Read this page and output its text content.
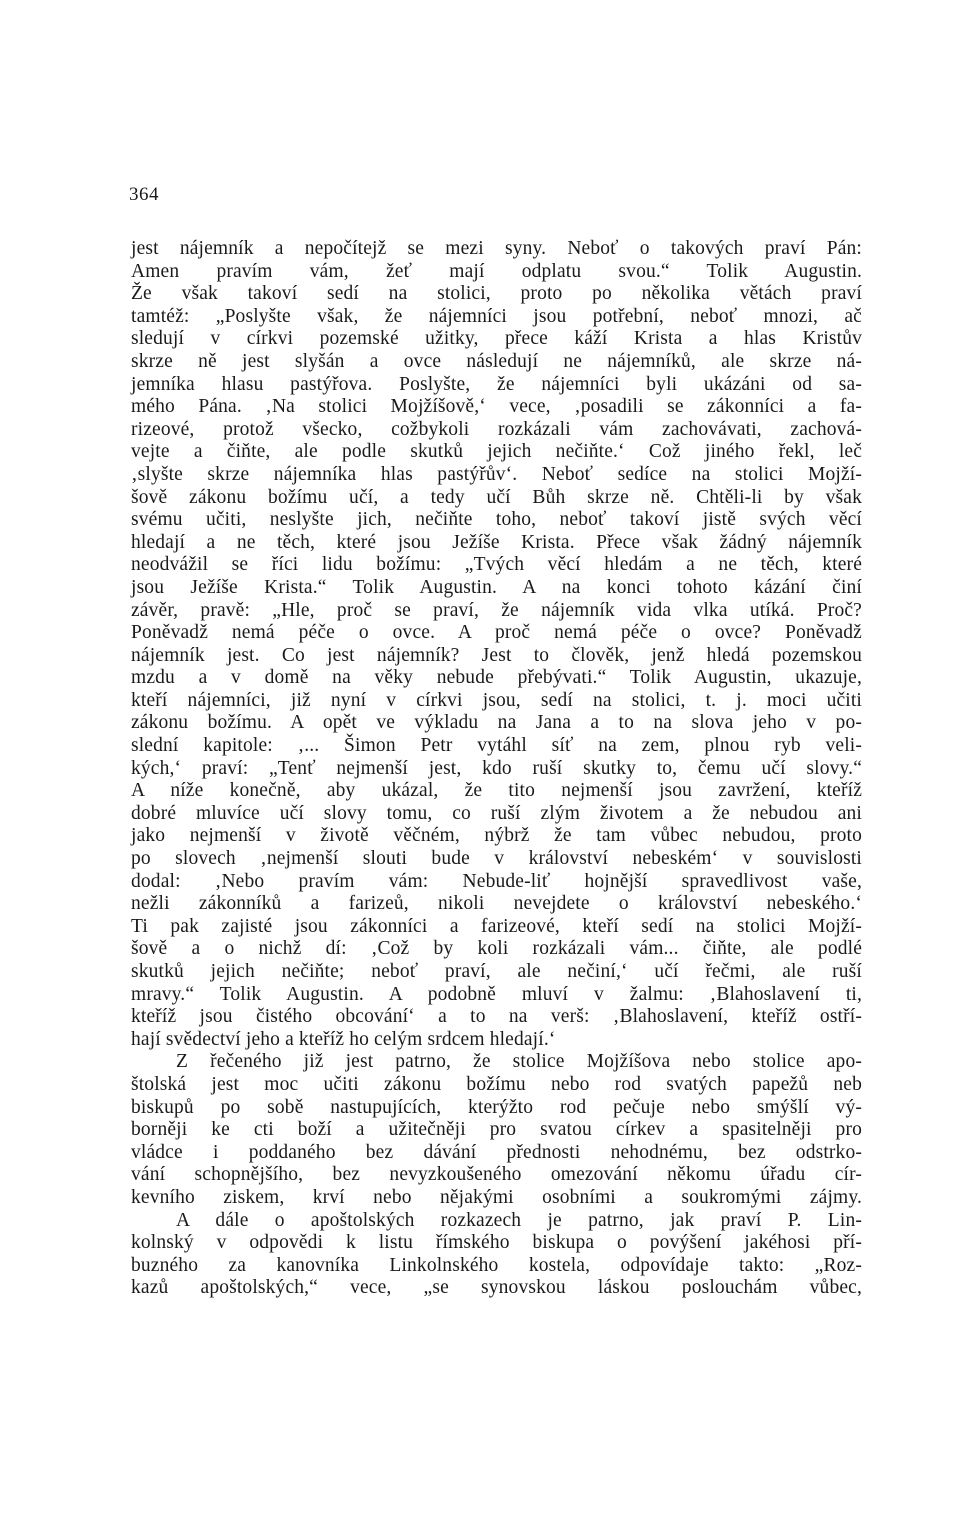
364
jest nájemník a nepočítejž se mezi syny. Neboť o takových praví Pán:
Amen pravím vám, žeť mají odplatu svou.“ Tolik Augustin.
Že však takoví sedí na stolici, proto po několika větách praví
tamtéž: „Poslyšte však, že nájemníci jsou potřební, neboť mnozi, ač
sledují v církvi pozemské užitky, přece káží Krista a hlas Kristův
skrze ně jest slyšán a ovce následují ne nájemníků, ale skrze ná-
jemníka hlasu pastýřova. Poslyšte, že nájemníci byli ukázáni od sa-
mého Pána. ‚Na stolici Mojžíšově,‘ vece, ‚posadili se zákonníci a fa-
rizeové, protož všecko, cožbykoli rozkázali vám zachovávati, zachová-
vejte a čiňte, ale podle skutků jejich nečiňte.‘ Což jiného řekl, leč
‚slyšte skrze nájemníka hlas pastýřův‘. Neboť sedíce na stolici Mojží-
šově zákonu božímu učí, a tedy učí Bůh skrze ně. Chtěli-li by však
svému učiti, neslyšte jich, nečiňte toho, neboť takoví jistě svých věcí
hledají a ne těch, které jsou Ježíše Krista. Přece však žádný nájemník
neodvážil se říci lidu božímu: „Tvých věcí hledám a ne těch, které
jsou Ježíše Krista.“ Tolik Augustin. A na konci tohoto kázání činí
závěr, pravě: „Hle, proč se praví, že nájemník vida vlka utíká. Proč?
Poněvadž nemá péče o ovce. A proč nemá péče o ovce? Poněvadž
nájemník jest. Co jest nájemník? Jest to člověk, jenž hledá pozemskou
mzdu a v domě na věky nebude přebývati.“ Tolik Augustin, ukazuje,
kteří nájemníci, již nyní v církvi jsou, sedí na stolici, t. j. moci učiti
zákonu božímu. A opět ve výkladu na Jana a to na slova jeho v po-
slední kapitole: ‚... Šimon Petr vytáhl síť na zem, plnou ryb veli-
kých,‘ praví: „Tenť nejmenší jest, kdo ruší skutky to, čemu učí slovy.“
A níže konečně, aby ukázal, že tito nejmenší jsou zavržení, kteříž
dobré mluvíce učí slovy tomu, co ruší zlým životem a že nebudou ani
jako nejmenší v životě věčném, nýbrž že tam vůbec nebudou, proto
po slovech ‚nejmenší slouti bude v království nebeském‘ v souvislosti
dodal: ‚Nebo pravím vám: Nebude-liť hojnější spravedlivost vaše,
nežli zákonníků a farizeů, nikoli nevejdete o království nebeského.‘
Ti pak zajisté jsou zákonníci a farizeové, kteří sedí na stolici Mojží-
šově a o nichž dí: ‚Což by koli rozkázali vám... čiňte, ale podlé
skutků jejich nečiňte; neboť praví, ale nečiní,‘ učí řečmi, ale ruší
mravy.“ Tolik Augustin. A podobně mluví v žalmu: ‚Blahoslavení ti,
kteříž jsou čistého obcování‘ a to na verš: ‚Blahoslavení, kteříž ostří-
hají svědectví jeho a kteříž ho celým srdcem hledají.‘
Z řečeného již jest patrno, že stolice Mojžíšova nebo stolice apo-
štolská jest moc učiti zákonu božímu nebo rod svatých papežů neb
biskupů po sobě nastupujících, kterýžto rod pečuje nebo smýšlí vý-
borněji ke cti boží a užitečněji pro svatou církev a spasitelněji pro
vládce i poddaného bez dávání přednosti nehodnému, bez odstrko-
vání schopnějšího, bez nevyzkoušeného omezování někomu úřadu cír-
kevního ziskem, krví nebo nějakými osobními a soukromými zájmy.
A dále o apoštolských rozkazech je patrno, jak praví P. Lin-
kolnský v odpovědi k listu římského biskupa o povýšení jakéhosi pří-
buzného za kanovníka Linkolnského kostela, odpovídaje takto: „Roz-
kazů apoštolských,“ vece, „se synovskou láskou poslouchám vůbec,
